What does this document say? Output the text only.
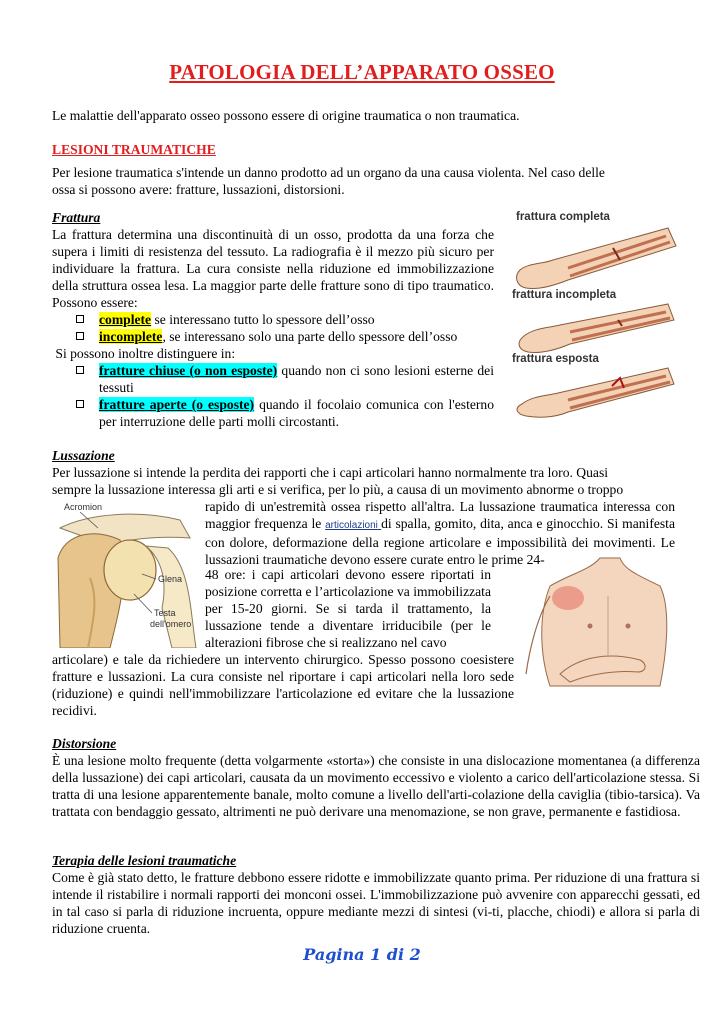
PATOLOGIA DELL’APPARATO OSSEO
Le malattie dell'apparato osseo possono essere di origine traumatica o non traumatica.
LESIONI TRAUMATICHE
Per lesione traumatica s'intende un danno prodotto ad un organo da una causa violenta. Nel caso delle
ossa si possono avere: fratture, lussazioni, distorsioni.
Frattura
La frattura determina una discontinuità di un osso, prodotta da una forza che supera i limiti di resistenza del tessuto. La radiografia è il mezzo più sicuro per individuare la frattura. La cura consiste nella riduzione ed immobilizzazione della struttura ossea lesa. La maggior parte delle fratture sono di tipo traumatico. Possono essere:
complete se interessano tutto lo spessore dell’osso
incomplete, se interessano solo una parte dello spessore dell’osso
Si possono inoltre distinguere in:
fratture chiuse (o non esposte) quando non ci sono lesioni esterne dei tessuti
fratture aperte (o esposte) quando il focolaio comunica con l'esterno per interruzione delle parti molli circostanti.
frattura completa
frattura incompleta
frattura esposta
Lussazione
Per lussazione si intende la perdita dei rapporti che i capi articolari hanno normalmente tra loro. Quasi
sempre la lussazione interessa gli arti e si verifica, per lo più, a causa di un movimento abnorme o troppo
rapido di un'estremità ossea rispetto all'altra. La lussazione traumatica interessa con maggior frequenza le articolazioni di spalla, gomito, dita, anca e ginocchio. Si manifesta con dolore, deformazione della regione articolare e impossibilità dei movimenti. Le lussazioni traumatiche devono essere curate entro le prime 24-
48 ore: i capi articolari devono essere riportati in posizione corretta e l’articolazione va immobilizzata per 15-20 giorni. Se si tarda il trattamento, la lussazione tende a diventare irriducibile (per le alterazioni fibrose che si realizzano nel cavo
articolare) e tale da richiedere un intervento chirurgico. Spesso possono coesistere fratture e lussazioni. La cura consiste nel riportare i capi articolari nella loro sede (riduzione) e quindi nell'immobilizzare l'articolazione ed evitare che la lussazione recidivi.
Acromion
Glena
Testa dell'omero
Distorsione
È una lesione molto frequente (detta volgarmente «storta») che consiste in una dislocazione momentanea (a differenza della lussazione) dei capi articolari, causata da un movimento eccessivo e violento a carico dell'articolazione stessa. Si tratta di una lesione apparentemente banale, molto comune a livello dell'arti-colazione della caviglia (tibio-tarsica). Va trattata con bendaggio gessato, altrimenti ne può derivare una menomazione, se non grave, permanente e fastidiosa.
Terapia delle lesioni traumatiche
Come è già stato detto, le fratture debbono essere ridotte e immobilizzate quanto prima. Per riduzione di una frattura si intende il ristabilire i normali rapporti dei monconi ossei. L'immobilizzazione può avvenire con apparecchi gessati, ed in tal caso si parla di riduzione incruenta, oppure mediante mezzi di sintesi (vi-ti, placche, chiodi) e allora si parla di riduzione cruenta.
Pagina 1 di 2
